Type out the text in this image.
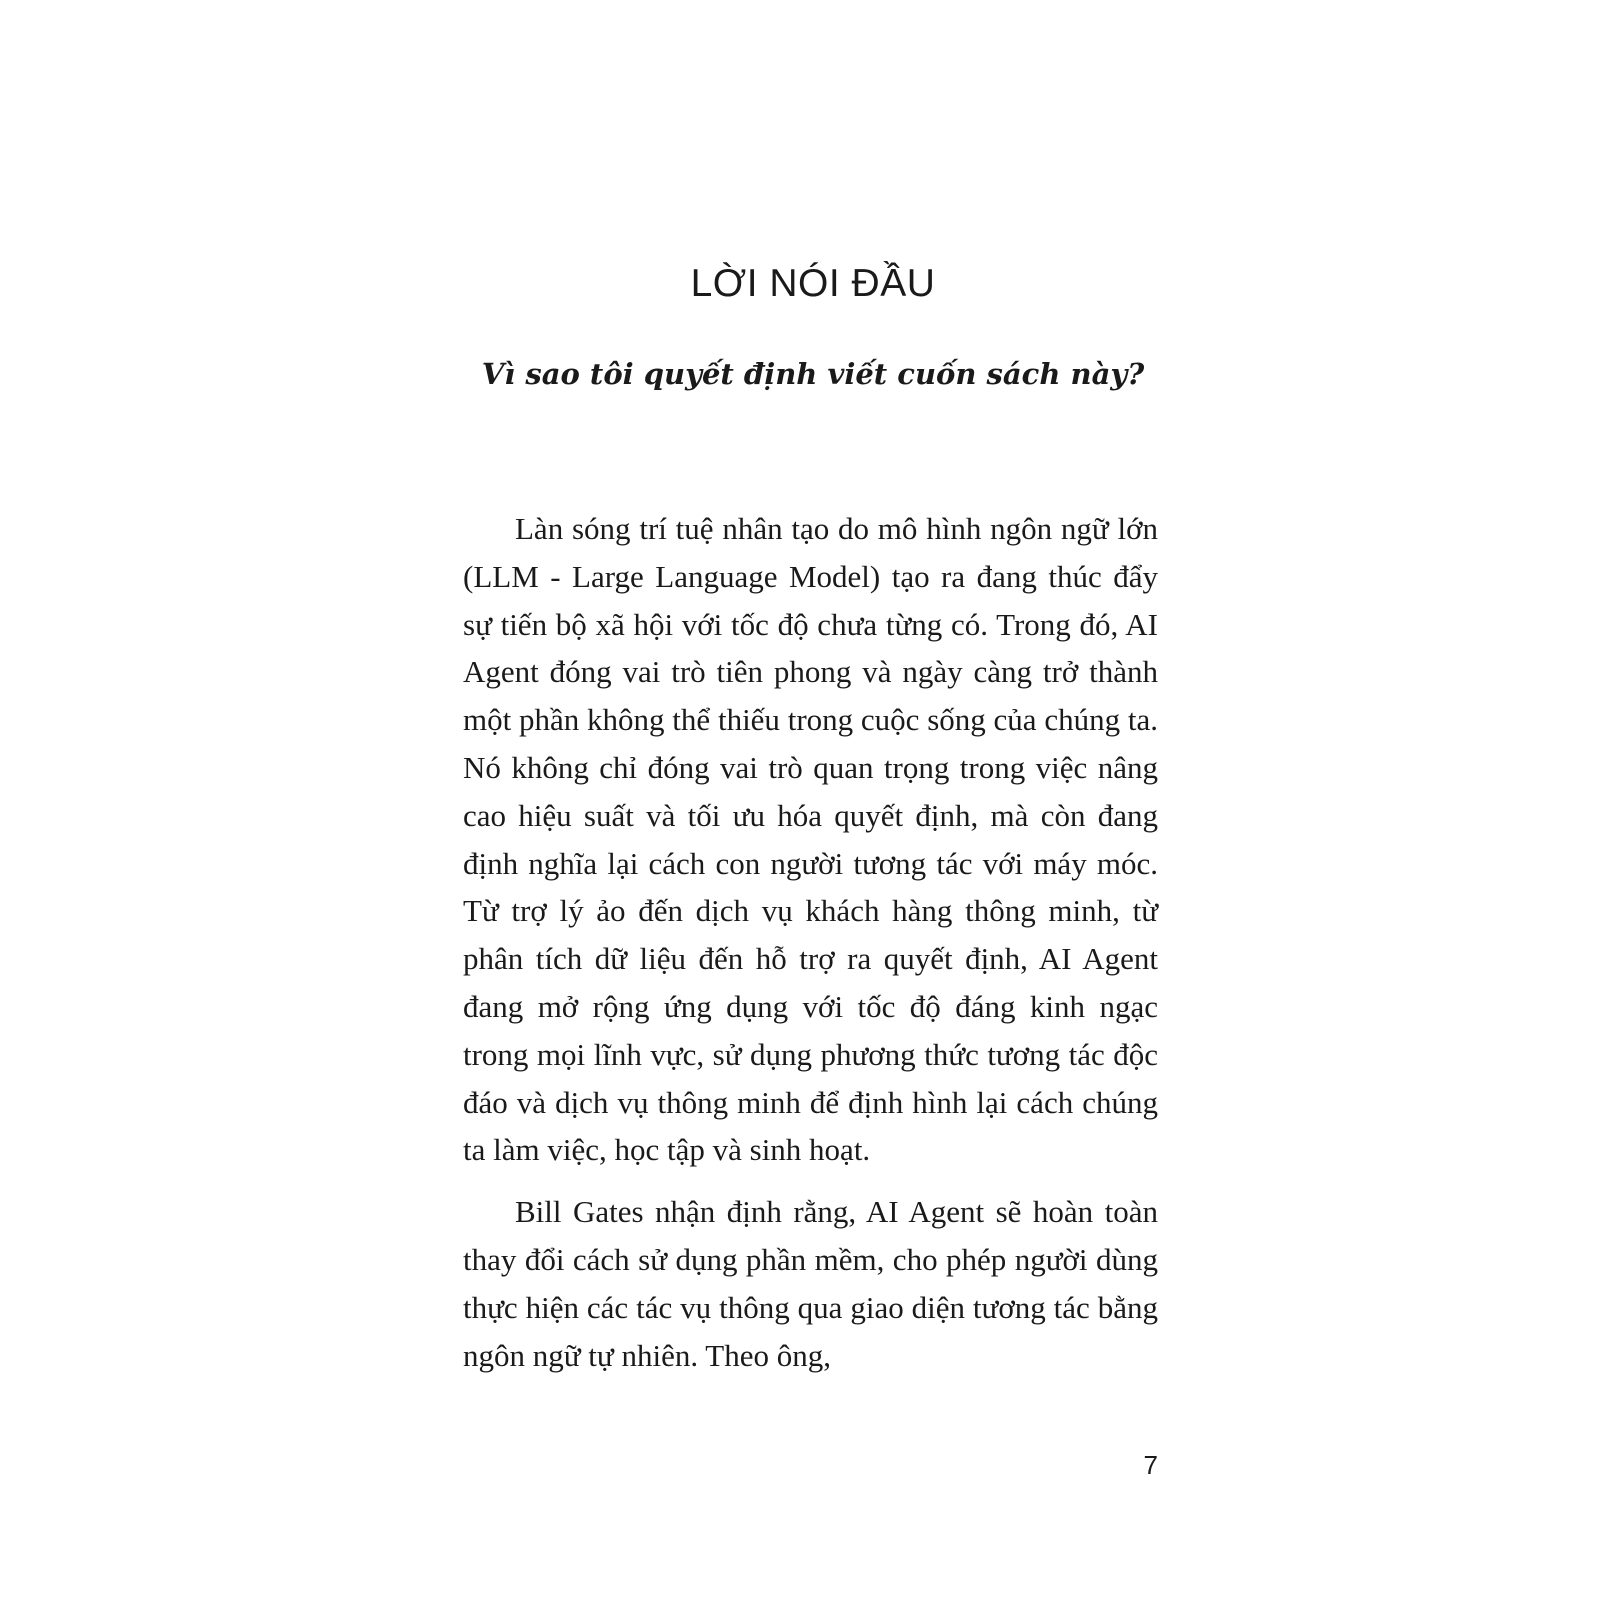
LỜI NÓI ĐẦU
Vì sao tôi quyết định viết cuốn sách này?

Làn sóng trí tuệ nhân tạo do mô hình ngôn ngữ lớn (LLM - Large Language Model) tạo ra đang thúc đẩy sự tiến bộ xã hội với tốc độ chưa từng có. Trong đó, AI Agent đóng vai trò tiên phong và ngày càng trở thành một phần không thể thiếu trong cuộc sống của chúng ta. Nó không chỉ đóng vai trò quan trọng trong việc nâng cao hiệu suất và tối ưu hóa quyết định, mà còn đang định nghĩa lại cách con người tương tác với máy móc. Từ trợ lý ảo đến dịch vụ khách hàng thông minh, từ phân tích dữ liệu đến hỗ trợ ra quyết định, AI Agent đang mở rộng ứng dụng với tốc độ đáng kinh ngạc trong mọi lĩnh vực, sử dụng phương thức tương tác độc đáo và dịch vụ thông minh để định hình lại cách chúng ta làm việc, học tập và sinh hoạt.

Bill Gates nhận định rằng, AI Agent sẽ hoàn toàn thay đổi cách sử dụng phần mềm, cho phép người dùng thực hiện các tác vụ thông qua giao diện tương tác bằng ngôn ngữ tự nhiên. Theo ông,

7
